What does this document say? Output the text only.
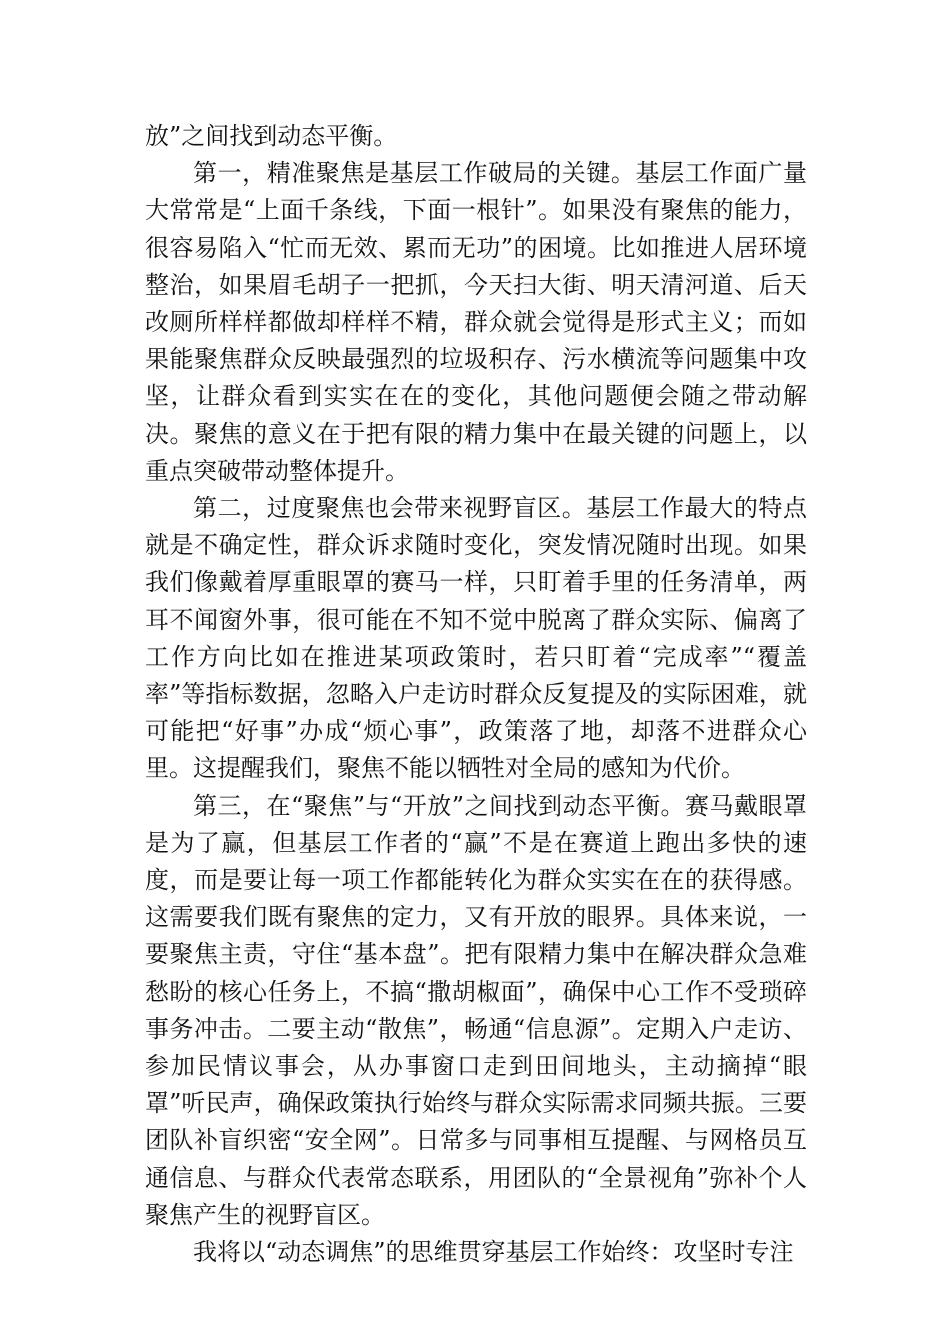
放”之间找到动态平衡。

第一，精准聚焦是基层工作破局的关键。基层工作面广量大常常是“上面千条线，下面一根针”。如果没有聚焦的能力，很容易陷入“忙而无效、累而无功”的困境。比如推进人居环境整治，如果眉毛胡子一把抓，今天扫大街、明天清河道、后天改厕所样样都做却样样不精，群众就会觉得是形式主义；而如果能聚焦群众反映最强烈的垃圾积存、污水横流等问题集中攻坚，让群众看到实实在在的变化，其他问题便会随之带动解决。聚焦的意义在于把有限的精力集中在最关键的问题上，以重点突破带动整体提升。

第二，过度聚焦也会带来视野盲区。基层工作最大的特点就是不确定性，群众诉求随时变化，突发情况随时出现。如果我们像戴着厚重眼罩的赛马一样，只盯着手里的任务清单，两耳不闻窗外事，很可能在不知不觉中脱离了群众实际、偏离了工作方向比如在推进某项政策时，若只盯着“完成率”“覆盖率”等指标数据，忽略入户走访时群众反复提及的实际困难，就可能把“好事”办成“烦心事”，政策落了地，却落不进群众心里。这提醒我们，聚焦不能以牺牲对全局的感知为代价。

第三，在“聚焦”与“开放”之间找到动态平衡。赛马戴眼罩是为了赢，但基层工作者的“赢”不是在赛道上跑出多快的速度，而是要让每一项工作都能转化为群众实实在在的获得感。这需要我们既有聚焦的定力，又有开放的眼界。具体来说，一要聚焦主责，守住“基本盘”。把有限精力集中在解决群众急难愁盼的核心任务上，不搞“撒胡椒面”，确保中心工作不受琐碎事务冲击。二要主动“散焦”，畅通“信息源”。定期入户走访、参加民情议事会，从办事窗口走到田间地头，主动摘掉“眼罩”听民声，确保政策执行始终与群众实际需求同频共振。三要团队补盲织密“安全网”。日常多与同事相互提醒、与网格员互通信息、与群众代表常态联系，用团队的“全景视角”弥补个人聚焦产生的视野盲区。

我将以“动态调焦”的思维贯穿基层工作始终：攻坚时专注
